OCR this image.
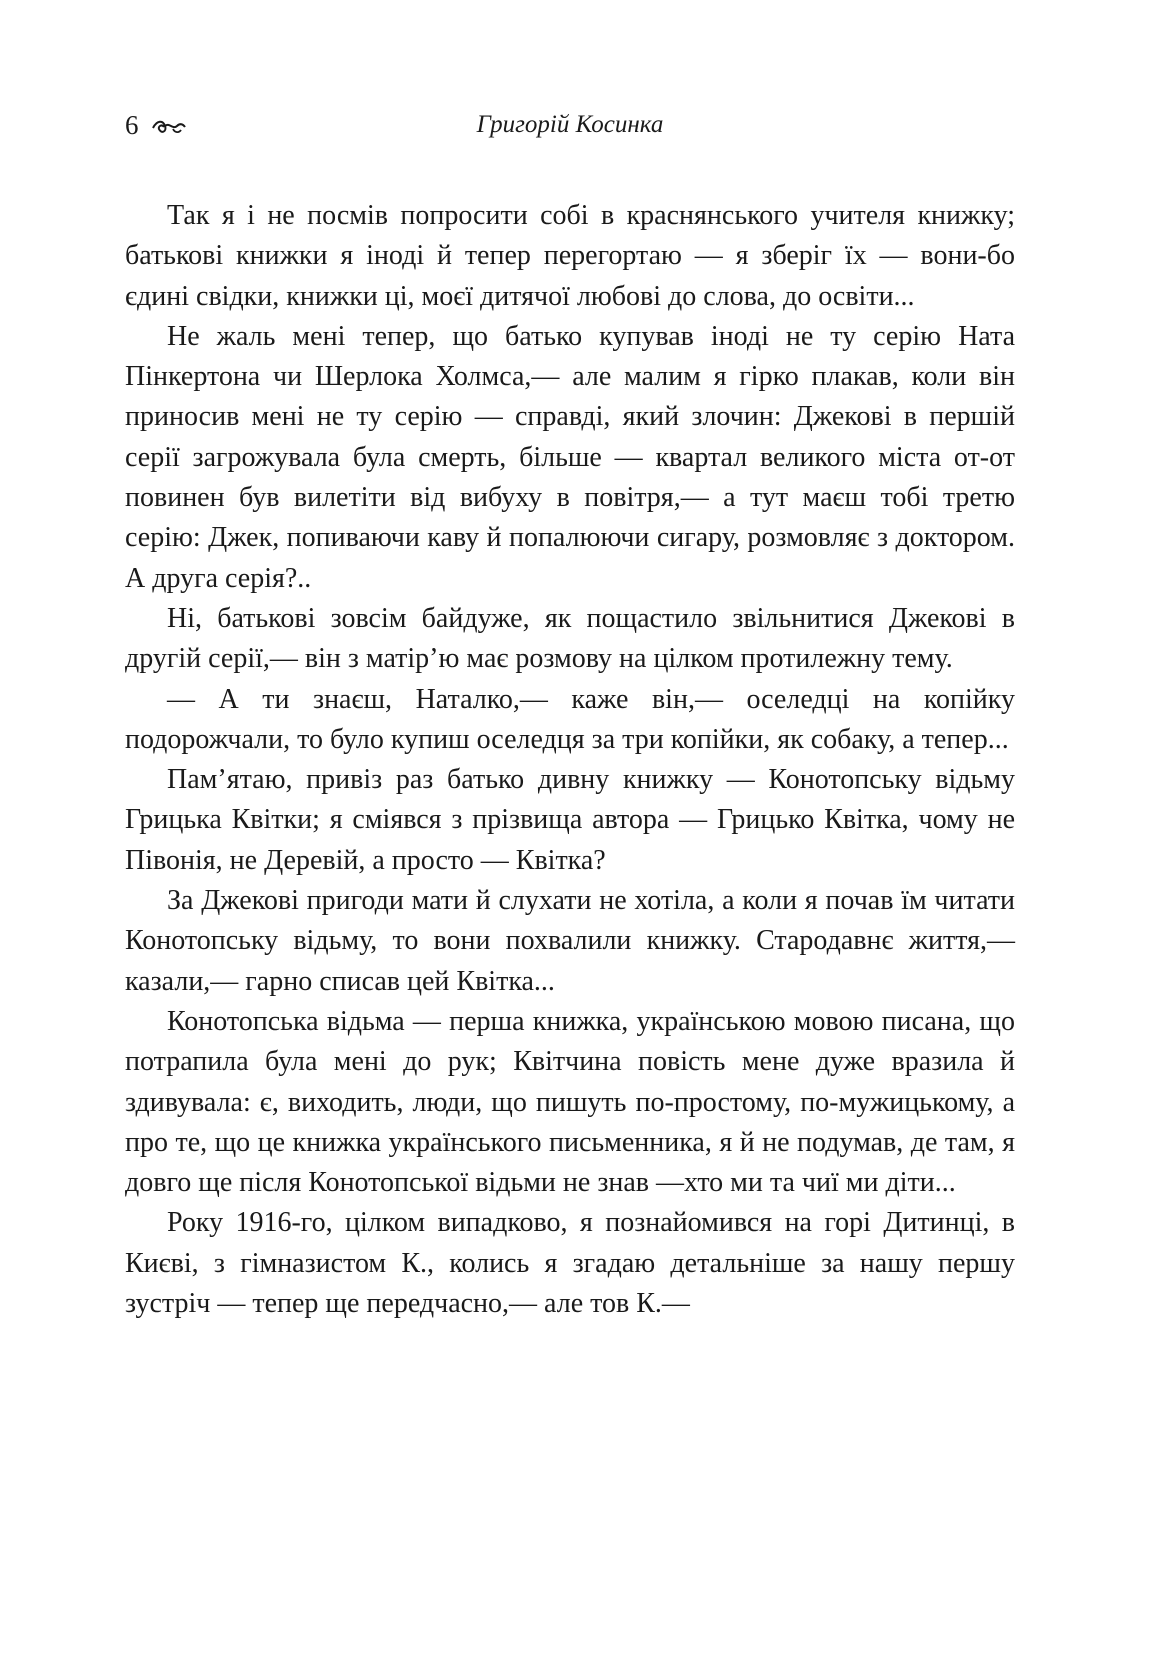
6	Григорій Косинка

Так я і не посмів попросити собі в краснянського учителя книжку; батькові книжки я іноді й тепер перегортаю — я зберіг їх — вони-бо єдині свідки, книжки ці, моєї дитячої любові до слова, до освіти...

Не жаль мені тепер, що батько купував іноді не ту серію Ната Пінкертона чи Шерлока Холмса,— але малим я гірко плакав, коли він приносив мені не ту серію — справді, який злочин: Джекові в першій серії загрожувала була смерть, більше — квартал великого міста от-от повинен був вилетіти від вибуху в повітря,— а тут маєш тобі третю серію: Джек, попиваючи каву й попалюючи сигару, розмовляє з доктором. А друга серія?..

Ні, батькові зовсім байдуже, як пощастило звільнитися Джекові в другій серії,— він з матір’ю має розмову на цілком протилежну тему.

— А ти знаєш, Наталко,— каже він,— оселедці на копійку подорожчали, то було купиш оселедця за три копійки, як собаку, а тепер...

Пам’ятаю, привіз раз батько дивну книжку — Конотопську відьму Грицька Квітки; я сміявся з прізвища автора — Грицько Квітка, чому не Півонія, не Деревій, а просто — Квітка?

За Джекові пригоди мати й слухати не хотіла, а коли я почав їм читати Конотопську відьму, то вони похвалили книжку. Стародавнє життя,— казали,— гарно списав цей Квітка...

Конотопська відьма — перша книжка, українською мовою писана, що потрапила була мені до рук; Квітчина повість мене дуже вразила й здивувала: є, виходить, люди, що пишуть по-простому, по-мужицькому, а про те, що це книжка українського письменника, я й не подумав, де там, я довго ще після Конотопської відьми не знав —хто ми та чиї ми діти...

Року 1916-го, цілком випадково, я познайомився на горі Дитинці, в Києві, з гімназистом К., колись я згадаю детальніше за нашу першу зустріч — тепер ще передчасно,— але тов К.—
